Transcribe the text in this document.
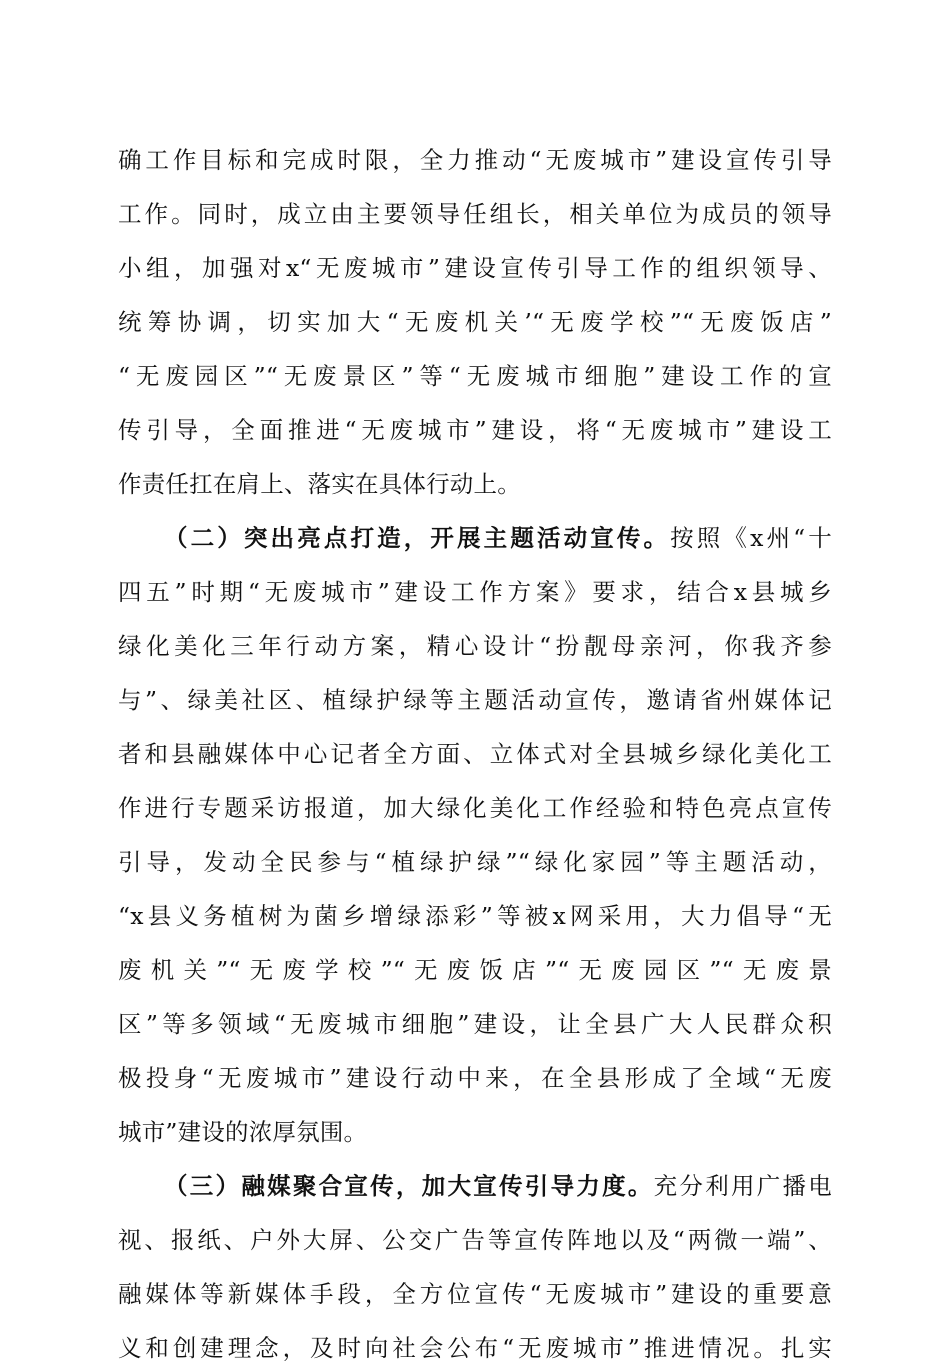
确工作目标和完成时限，全力推动“无废城市”建设宣传引导
工作。同时，成立由主要领导任组长，相关单位为成员的领导
小组，加强对x“无废城市”建设宣传引导工作的组织领导、
统筹协调，切实加大“无废机关’“无废学校”“无废饭店”
“无废园区”“无废景区”等“无废城市细胞”建设工作的宣
传引导，全面推进“无废城市”建设，将“无废城市”建设工
作责任扛在肩上、落实在具体行动上。
（二）突出亮点打造，开展主题活动宣传。按照《x州“十
四五”时期“无废城市”建设工作方案》要求，结合x县城乡
绿化美化三年行动方案，精心设计“扮靓母亲河，你我齐参
与”、绿美社区、植绿护绿等主题活动宣传，邀请省州媒体记
者和县融媒体中心记者全方面、立体式对全县城乡绿化美化工
作进行专题采访报道，加大绿化美化工作经验和特色亮点宣传
引导，发动全民参与“植绿护绿”“绿化家园”等主题活动，
“x县义务植树为菌乡增绿添彩”等被x网采用，大力倡导“无
废机关”“无废学校”“无废饭店”“无废园区”“无废景
区”等多领域“无废城市细胞”建设，让全县广大人民群众积
极投身“无废城市”建设行动中来，在全县形成了全域“无废
城市”建设的浓厚氛围。
（三）融媒聚合宣传，加大宣传引导力度。充分利用广播电
视、报纸、户外大屏、公交广告等宣传阵地以及“两微一端”、
融媒体等新媒体手段，全方位宣传“无废城市”建设的重要意
义和创建理念，及时向社会公布“无废城市”推进情况。扎实
